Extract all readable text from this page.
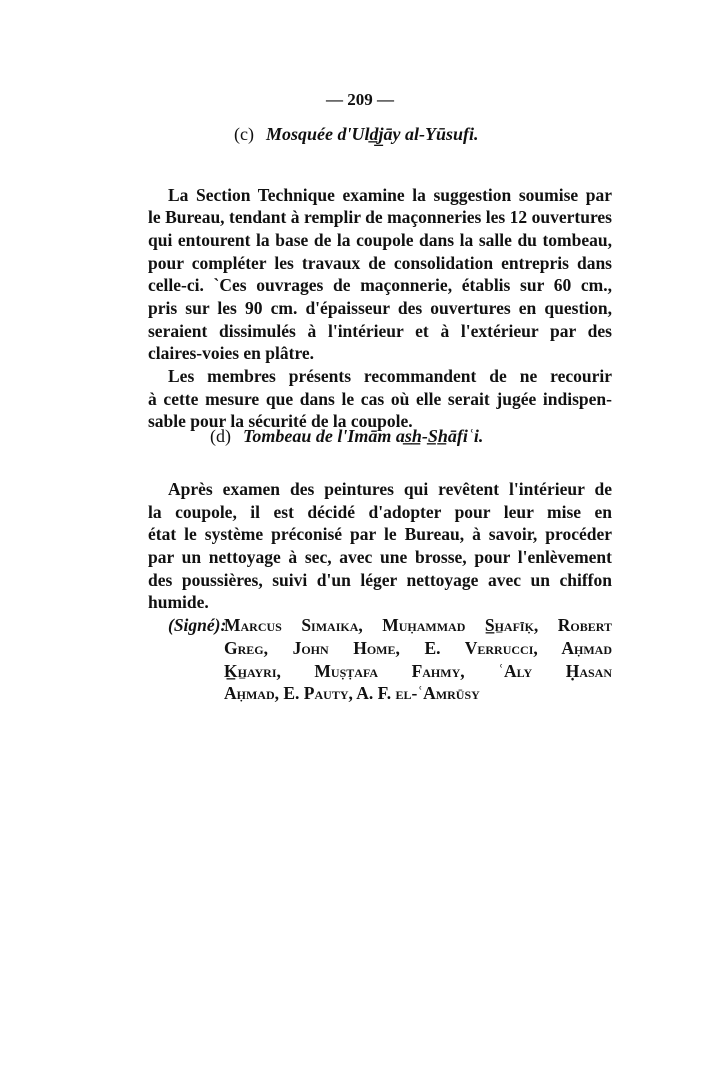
— 209 —
(c) Mosquée d'Uld̲j̲āy al-Yūsufi.
La Section Technique examine la suggestion soumise par
le Bureau, tendant à remplir de maçonneries les 12 ouvertures
qui entourent la base de la coupole dans la salle du tombeau,
pour compléter les travaux de consolidation entrepris dans
celle-ci. `Ces ouvrages de maçonnerie, établis sur 60 cm.,
pris sur les 90 cm. d'épaisseur des ouvertures en question,
seraient dissimulés à l'intérieur et à l'extérieur par des
claires-voies en plâtre.
Les membres présents recommandent de ne recourir
à cette mesure que dans le cas où elle serait jugée indispen-
sable pour la sécurité de la coupole.
(d) Tombeau de l'Imām as̲h̲-S̲h̲āfiʿi.
Après examen des peintures qui revêtent l'intérieur de
la coupole, il est décidé d'adopter pour leur mise en
état le système préconisé par le Bureau, à savoir, procéder
par un nettoyage à sec, avec une brosse, pour l'enlèvement
des poussières, suivi d'un léger nettoyage avec un chiffon
humide.
(Signé):
Marcus Simaika, Muḥammad S̲h̲afīḳ, Robert
Greg, John Home, E. Verrucci, Aḥmad
K̲h̲ayri, Muṣṭafa Fahmy, ʿAly Ḥasan
Aḥmad, E. Pauty, A. F. el-ʿAmrūsy
